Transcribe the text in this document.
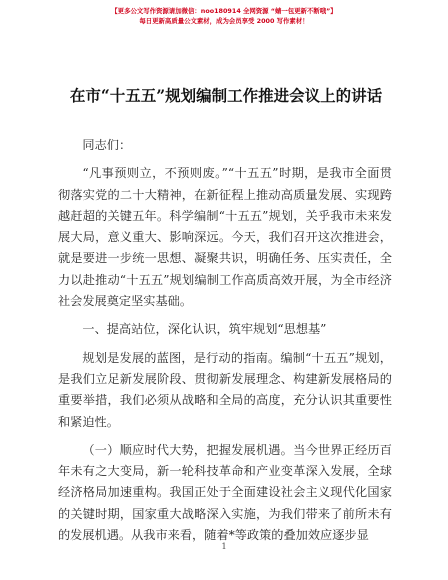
【更多公文写作资源请加微信：noo180914 全网资源 “蜻一包更新不断哦”】
每日更新高质量公文素材，成为会员享受 2000 写作素材！
在市“十五五”规划编制工作推进会议上的讲话

同志们：

“凡事预则立，不预则废。”“十五五”时期，是我市全面贯彻落实党的二十大精神，在新征程上推动高质量发展、实现跨越赶超的关键五年。科学编制“十五五”规划，关乎我市未来发展大局，意义重大、影响深远。今天，我们召开这次推进会，就是要进一步统一思想、凝聚共识，明确任务、压实责任，全力以赴推动“十五五”规划编制工作高质高效开展，为全市经济社会发展奠定坚实基础。

一、提高站位，深化认识，筑牢规划“思想基”

规划是发展的蓝图，是行动的指南。编制“十五五”规划，是我们立足新发展阶段、贯彻新发展理念、构建新发展格局的重要举措，我们必须从战略和全局的高度，充分认识其重要性和紧迫性。

（一）顺应时代大势，把握发展机遇。当今世界正经历百年未有之大变局，新一轮科技革命和产业变革深入发展，全球经济格局加速重构。我国正处于全面建设社会主义现代化国家的关键时期，国家重大战略深入实施，为我们带来了前所未有的发展机遇。从我市来看，随着*等政策的叠加效应逐步显

1
